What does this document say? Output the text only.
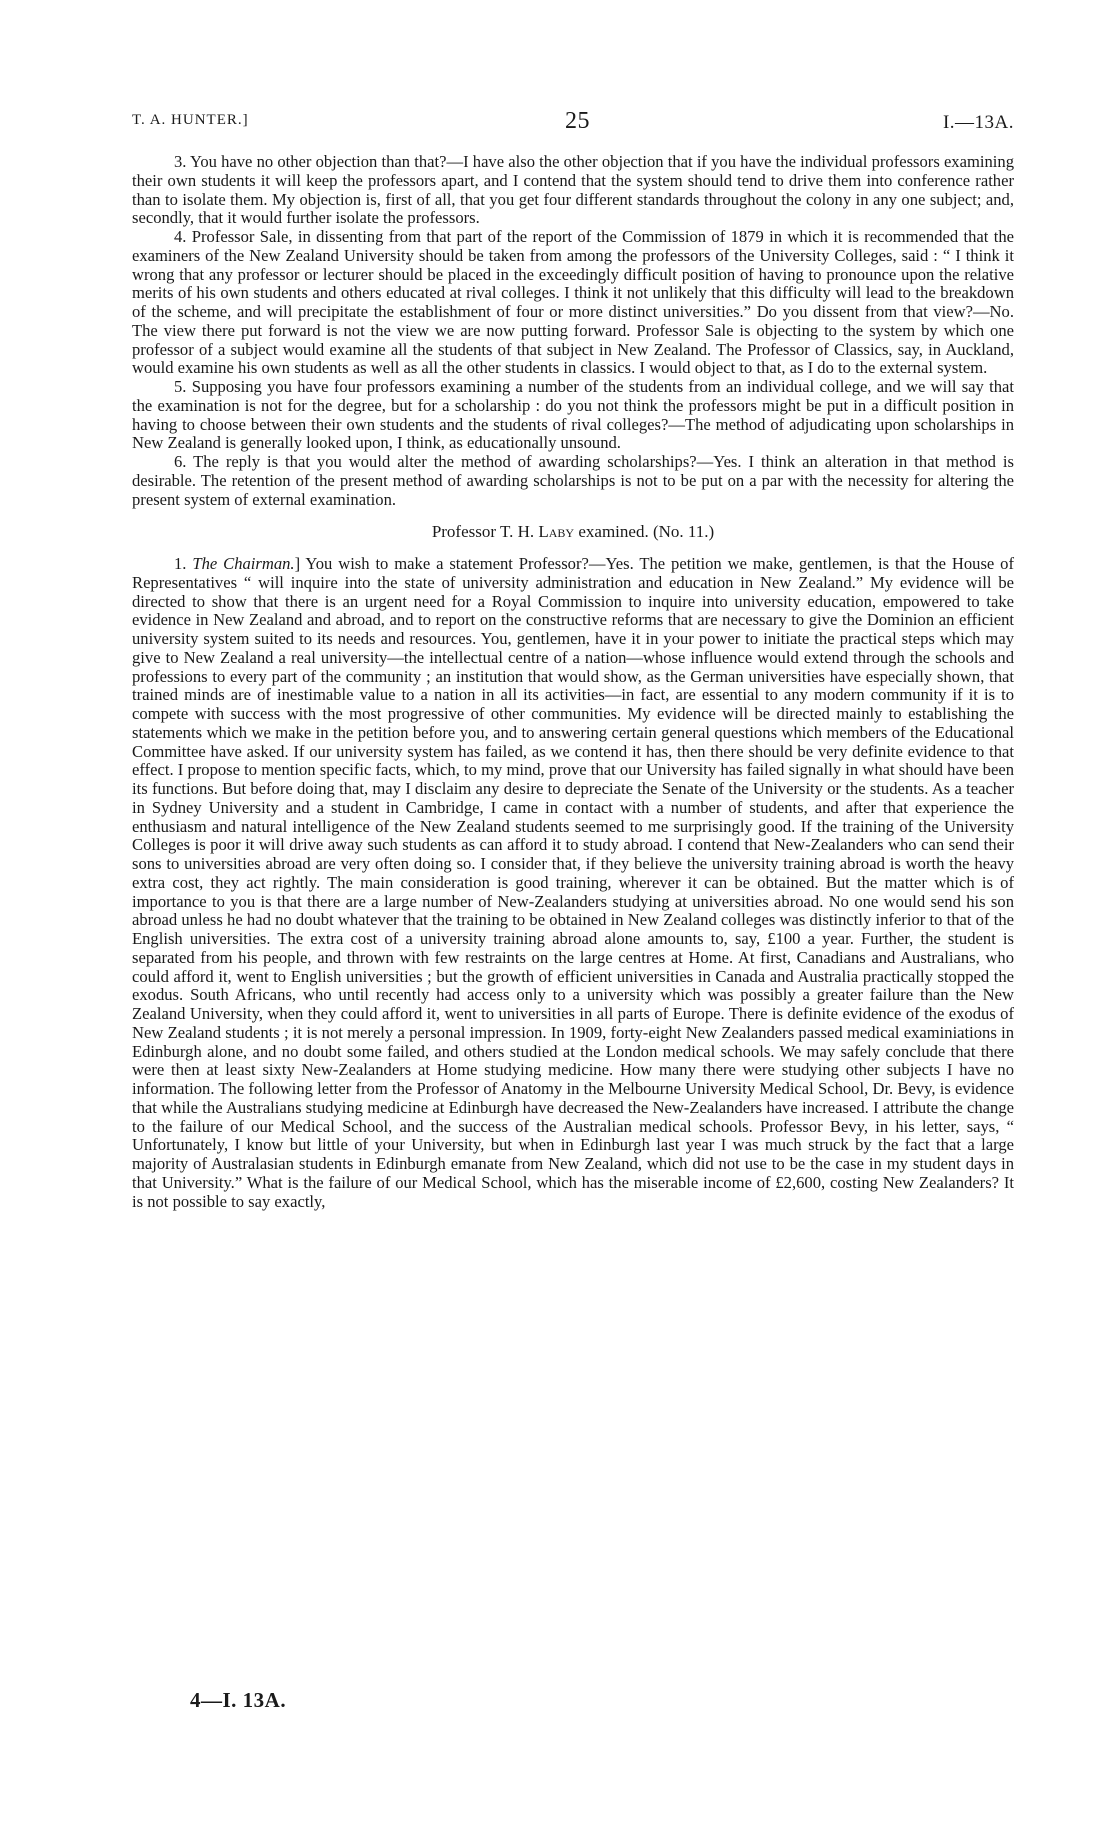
T. A. HUNTER.]	25	I.—13A.

3. You have no other objection than that?—I have also the other objection that if you have the individual professors examining their own students it will keep the professors apart, and I contend that the system should tend to drive them into conference rather than to isolate them. My objection is, first of all, that you get four different standards throughout the colony in any one subject; and, secondly, that it would further isolate the professors.

4. Professor Sale, in dissenting from that part of the report of the Commission of 1879 in which it is recommended that the examiners of the New Zealand University should be taken from among the professors of the University Colleges, said : “ I think it wrong that any professor or lecturer should be placed in the exceedingly difficult position of having to pronounce upon the relative merits of his own students and others educated at rival colleges. I think it not unlikely that this difficulty will lead to the breakdown of the scheme, and will precipitate the establishment of four or more distinct universities.” Do you dissent from that view?—No. The view there put forward is not the view we are now putting forward. Professor Sale is objecting to the system by which one professor of a subject would examine all the students of that subject in New Zealand. The Professor of Classics, say, in Auckland, would examine his own students as well as all the other students in classics. I would object to that, as I do to the external system.

5. Supposing you have four professors examining a number of the students from an individual college, and we will say that the examination is not for the degree, but for a scholarship : do you not think the professors might be put in a difficult position in having to choose between their own students and the students of rival colleges?—The method of adjudicating upon scholarships in New Zealand is generally looked upon, I think, as educationally unsound.

6. The reply is that you would alter the method of awarding scholarships?—Yes. I think an alteration in that method is desirable. The retention of the present method of awarding scholarships is not to be put on a par with the necessity for altering the present system of external examination.

Professor T. H. Laby examined. (No. 11.)

1. The Chairman.] You wish to make a statement Professor?—Yes. The petition we make, gentlemen, is that the House of Representatives “ will inquire into the state of university administration and education in New Zealand.” My evidence will be directed to show that there is an urgent need for a Royal Commission to inquire into university education, empowered to take evidence in New Zealand and abroad, and to report on the constructive reforms that are necessary to give the Dominion an efficient university system suited to its needs and resources. You, gentlemen, have it in your power to initiate the practical steps which may give to New Zealand a real university—the intellectual centre of a nation—whose influence would extend through the schools and professions to every part of the community ; an institution that would show, as the German universities have especially shown, that trained minds are of inestimable value to a nation in all its activities—in fact, are essential to any modern community if it is to compete with success with the most progressive of other communities. My evidence will be directed mainly to establishing the statements which we make in the petition before you, and to answering certain general questions which members of the Educational Committee have asked. If our university system has failed, as we contend it has, then there should be very definite evidence to that effect. I propose to mention specific facts, which, to my mind, prove that our University has failed signally in what should have been its functions. But before doing that, may I disclaim any desire to depreciate the Senate of the University or the students. As a teacher in Sydney University and a student in Cambridge, I came in contact with a number of students, and after that experience the enthusiasm and natural intelligence of the New Zealand students seemed to me surprisingly good. If the training of the University Colleges is poor it will drive away such students as can afford it to study abroad. I contend that New-Zealanders who can send their sons to universities abroad are very often doing so. I consider that, if they believe the university training abroad is worth the heavy extra cost, they act rightly. The main consideration is good training, wherever it can be obtained. But the matter which is of importance to you is that there are a large number of New-Zealanders studying at universities abroad. No one would send his son abroad unless he had no doubt whatever that the training to be obtained in New Zealand colleges was distinctly inferior to that of the English universities. The extra cost of a university training abroad alone amounts to, say, £100 a year. Further, the student is separated from his people, and thrown with few restraints on the large centres at Home. At first, Canadians and Australians, who could afford it, went to English universities ; but the growth of efficient universities in Canada and Australia practically stopped the exodus. South Africans, who until recently had access only to a university which was possibly a greater failure than the New Zealand University, when they could afford it, went to universities in all parts of Europe. There is definite evidence of the exodus of New Zealand students ; it is not merely a personal impression. In 1909, forty-eight New Zealanders passed medical examiniations in Edinburgh alone, and no doubt some failed, and others studied at the London medical schools. We may safely conclude that there were then at least sixty New-Zealanders at Home studying medicine. How many there were studying other subjects I have no information. The following letter from the Professor of Anatomy in the Melbourne University Medical School, Dr. Bevy, is evidence that while the Australians studying medicine at Edinburgh have decreased the New-Zealanders have increased. I attribute the change to the failure of our Medical School, and the success of the Australian medical schools. Professor Bevy, in his letter, says, “ Unfortunately, I know but little of your University, but when in Edinburgh last year I was much struck by the fact that a large majority of Australasian students in Edinburgh emanate from New Zealand, which did not use to be the case in my student days in that University.” What is the failure of our Medical School, which has the miserable income of £2,600, costing New Zealanders? It is not possible to say exactly,

4—I. 13A.
